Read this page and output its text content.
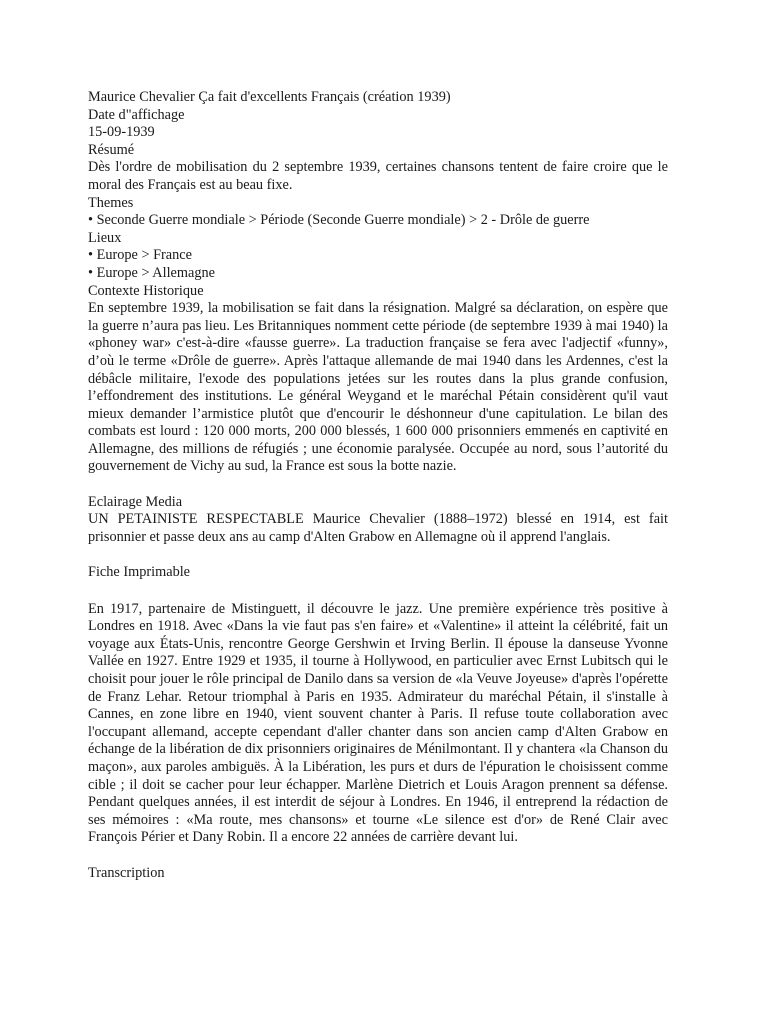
Maurice Chevalier Ça fait d'excellents Français (création 1939)

Date d"affichage

15-09-1939

Résumé

Dès l'ordre de mobilisation du 2 septembre 1939, certaines chansons tentent de faire croire que le moral des Français est au beau fixe.

Themes

• Seconde Guerre mondiale > Période (Seconde Guerre mondiale) > 2 - Drôle de guerre

Lieux

• Europe > France

• Europe > Allemagne

Contexte Historique

En septembre 1939, la mobilisation se fait dans la résignation. Malgré sa déclaration, on espère que la guerre n’aura pas lieu. Les Britanniques nomment cette période (de septembre 1939 à mai 1940) la «phoney war» c'est-à-dire «fausse guerre». La traduction française se fera avec l'adjectif «funny», d’où le terme «Drôle de guerre». Après l'attaque allemande de mai 1940 dans les Ardennes, c'est la débâcle militaire, l'exode des populations jetées sur les routes dans la plus grande confusion, l’effondrement des institutions. Le général Weygand et le maréchal Pétain considèrent qu'il vaut mieux demander l’armistice plutôt que d'encourir le déshonneur d'une capitulation. Le bilan des combats est lourd : 120 000 morts, 200 000 blessés, 1 600 000 prisonniers emmenés en captivité en Allemagne, des millions de réfugiés ; une économie paralysée. Occupée au nord, sous l’autorité du gouvernement de Vichy au sud, la France est sous la botte nazie.

Eclairage Media

UN PETAINISTE RESPECTABLE Maurice Chevalier (1888–1972) blessé en 1914, est fait prisonnier et passe deux ans au camp d'Alten Grabow en Allemagne où il apprend l'anglais.

Fiche Imprimable

En 1917, partenaire de Mistinguett, il découvre le jazz. Une première expérience très positive à Londres en 1918. Avec «Dans la vie faut pas s'en faire» et «Valentine» il atteint la célébrité, fait un voyage aux États-Unis, rencontre George Gershwin et Irving Berlin. Il épouse la danseuse Yvonne Vallée en 1927. Entre 1929 et 1935, il tourne à Hollywood, en particulier avec Ernst Lubitsch qui le choisit pour jouer le rôle principal de Danilo dans sa version de «la Veuve Joyeuse» d'après l'opérette de Franz Lehar. Retour triomphal à Paris en 1935. Admirateur du maréchal Pétain, il s'installe à Cannes, en zone libre en 1940, vient souvent chanter à Paris. Il refuse toute collaboration avec l'occupant allemand, accepte cependant d'aller chanter dans son ancien camp d'Alten Grabow en échange de la libération de dix prisonniers originaires de Ménilmontant. Il y chantera «la Chanson du maçon», aux paroles ambiguës. À la Libération, les purs et durs de l'épuration le choisissent comme cible ; il doit se cacher pour leur échapper. Marlène Dietrich et Louis Aragon prennent sa défense. Pendant quelques années, il est interdit de séjour à Londres. En 1946, il entreprend la rédaction de ses mémoires : «Ma route, mes chansons» et tourne «Le silence est d'or» de René Clair avec François Périer et Dany Robin. Il a encore 22 années de carrière devant lui.

Transcription
